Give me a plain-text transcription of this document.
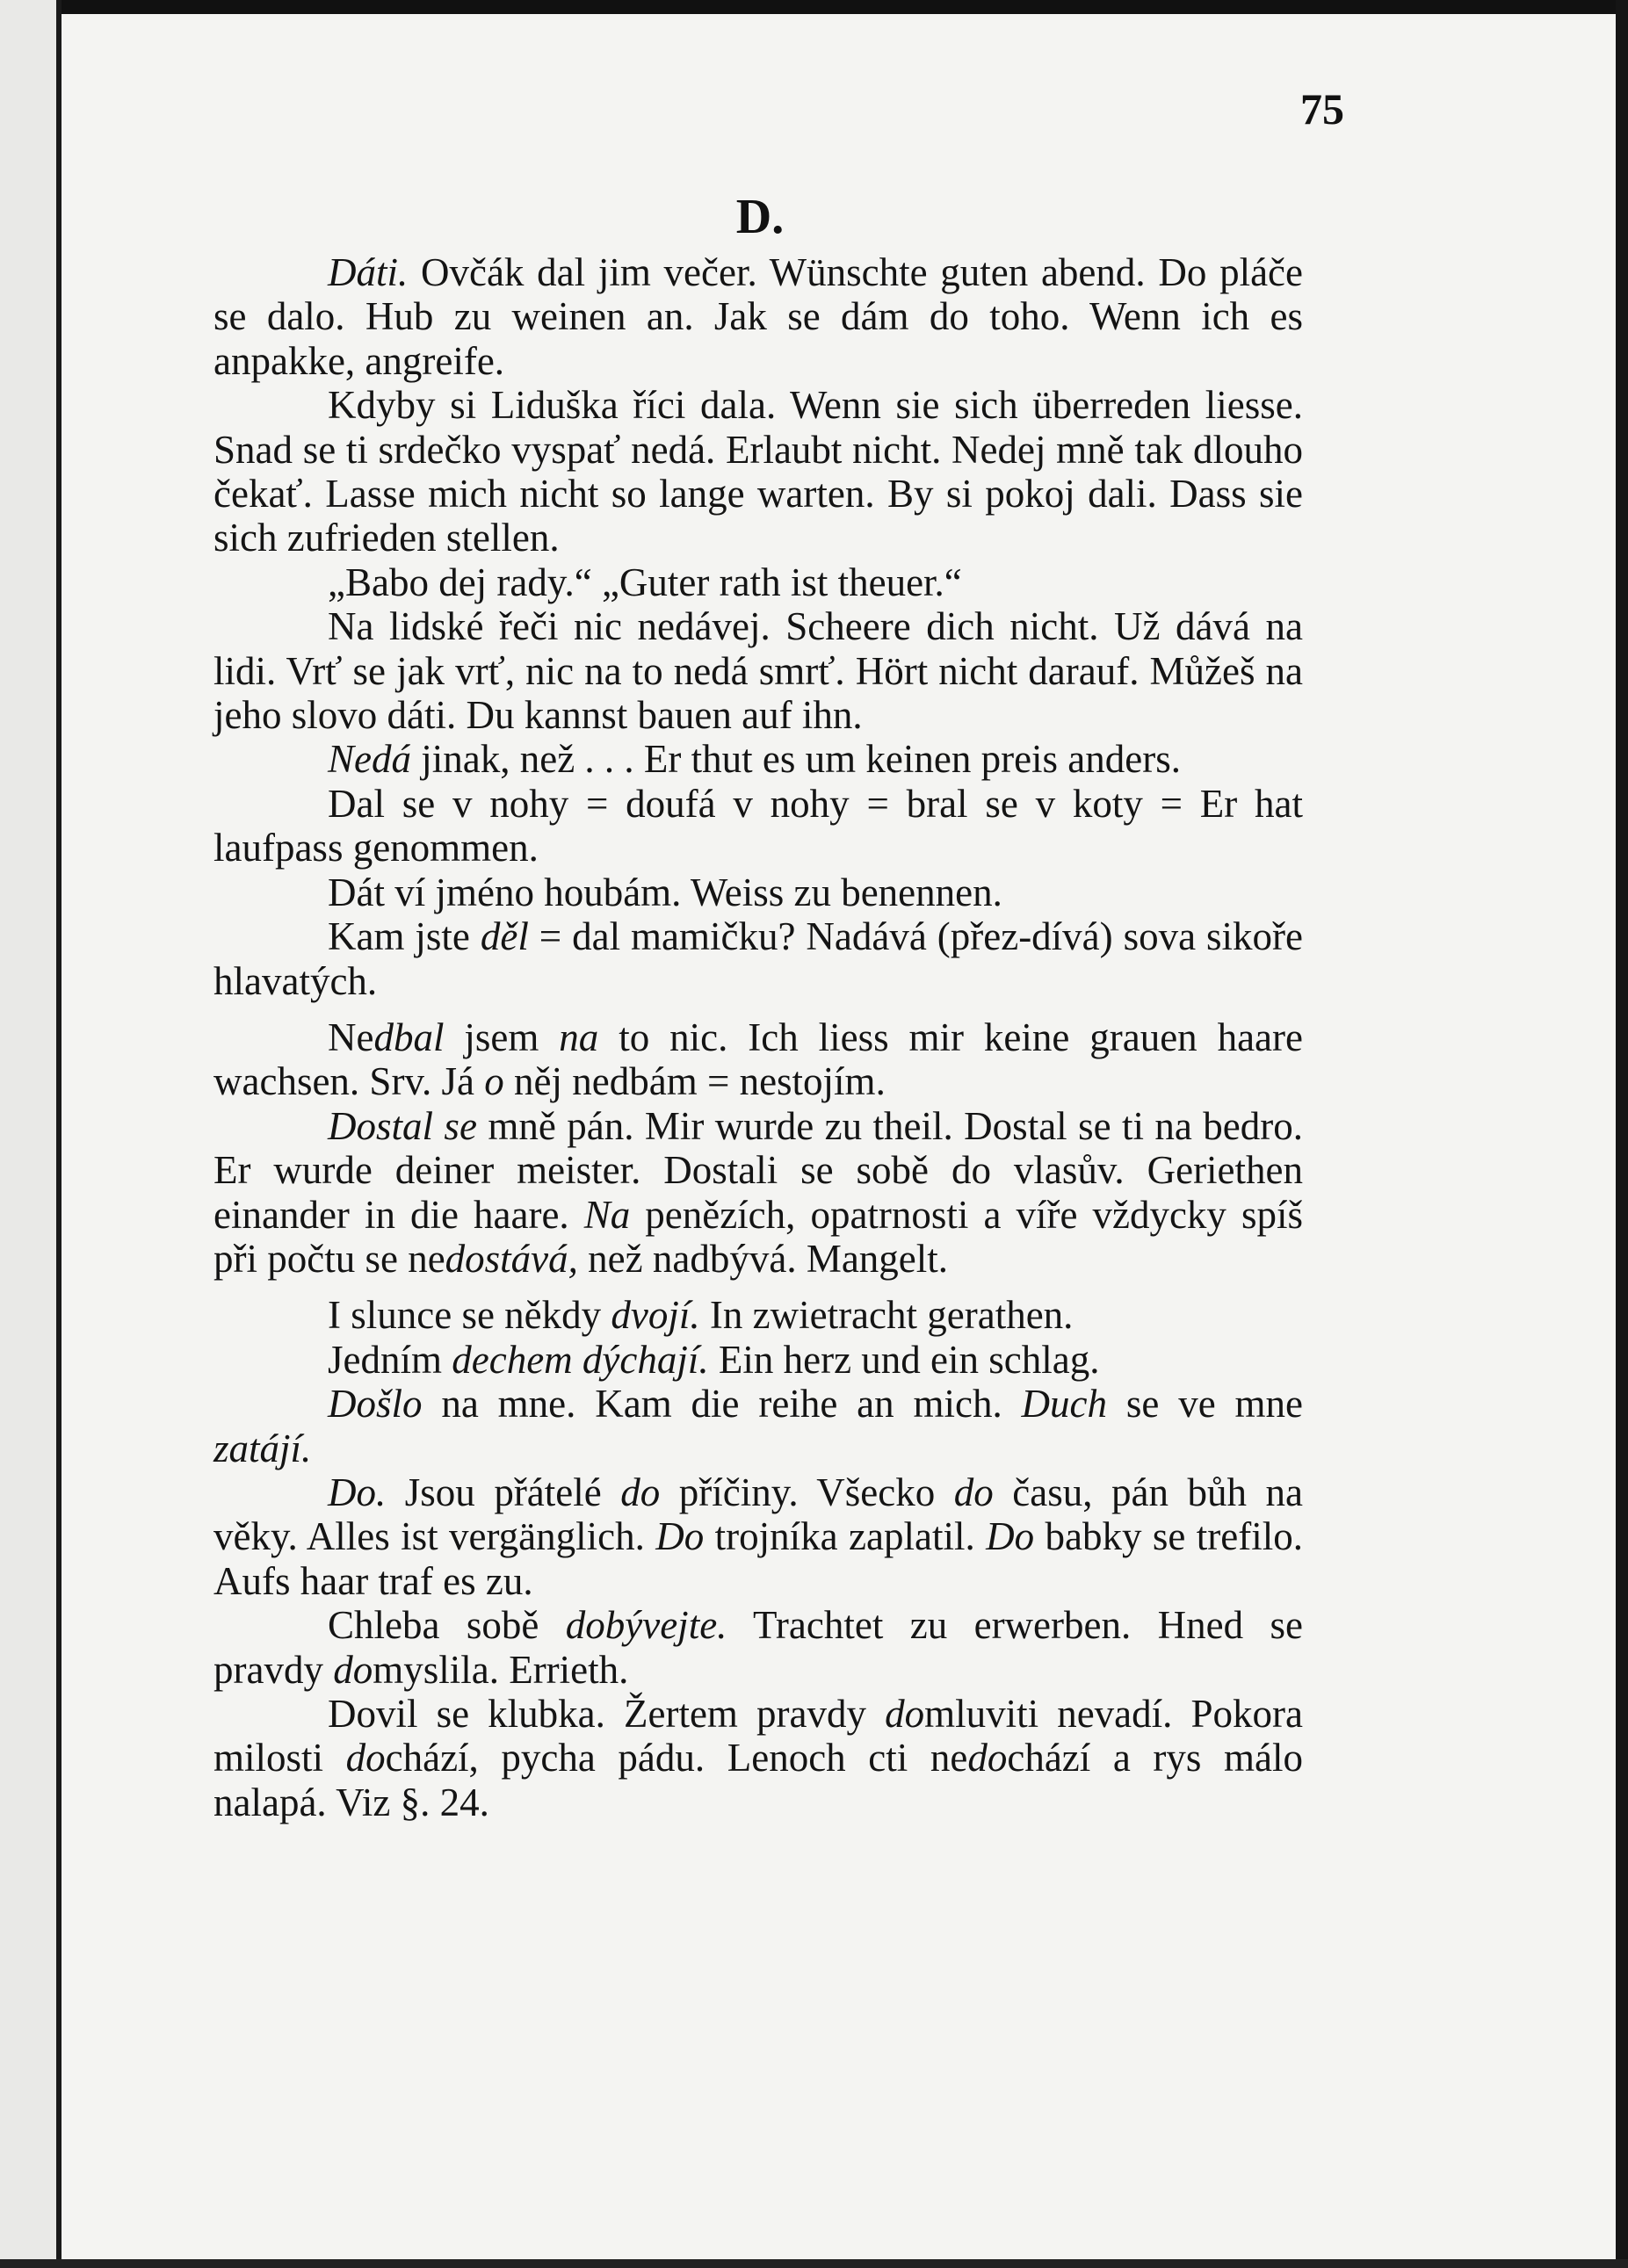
75
D.

Dáti. Ovčák dal jim večer. Wünschte guten abend. Do pláče se dalo. Hub zu weinen an. Jak se dám do toho. Wenn ich es anpakke, angreife.

Kdyby si Liduška říci dala. Wenn sie sich überreden liesse. Snad se ti srdečko vyspať nedá. Erlaubt nicht. Nedej mně tak dlouho čekať. Lasse mich nicht so lange warten. By si pokoj dali. Dass sie sich zufrieden stellen.

„Babo dej rady.“ „Guter rath ist theuer.“

Na lidské řeči nic nedávej. Scheere dich nicht. Už dává na lidi. Vrť se jak vrť, nic na to nedá smrť. Hört nicht darauf. Můžeš na jeho slovo dáti. Du kannst bauen auf ihn.

Nedá jinak, než . . . Er thut es um keinen preis anders.

Dal se v nohy = doufá v nohy = bral se v koty = Er hat laufpass genommen.

Dát ví jméno houbám. Weiss zu benennen.

Kam jste děl = dal mamičku? Nadává (přez-dívá) sova sikoře hlavatých.

Nedbal jsem na to nic. Ich liess mir keine grauen haare wachsen. Srv. Já o něj nedbám = nestojím.

Dostal se mně pán. Mir wurde zu theil. Dostal se ti na bedro. Er wurde deiner meister. Dostali se sobě do vlasův. Geriethen einander in die haare. Na penězích, opatrnosti a víře vždycky spíš při počtu se nedostává, než nadbývá. Mangelt.

I slunce se někdy dvojí. In zwietracht gerathen.

Jedním dechem dýchají. Ein herz und ein schlag.

Došlo na mne. Kam die reihe an mich. Duch se ve mne zatájí.

Do. Jsou přátelé do příčiny. Všecko do času, pán bůh na věky. Alles ist vergänglich. Do trojníka zaplatil. Do babky se trefilo. Aufs haar traf es zu.

Chleba sobě dobývejte. Trachtet zu erwerben. Hned se pravdy domyslila. Errieth.

Dovil se klubka. Žertem pravdy domluviti nevadí. Pokora milosti dochází, pycha pádu. Lenoch cti nedochází a rys málo nalapá. Viz §. 24.
